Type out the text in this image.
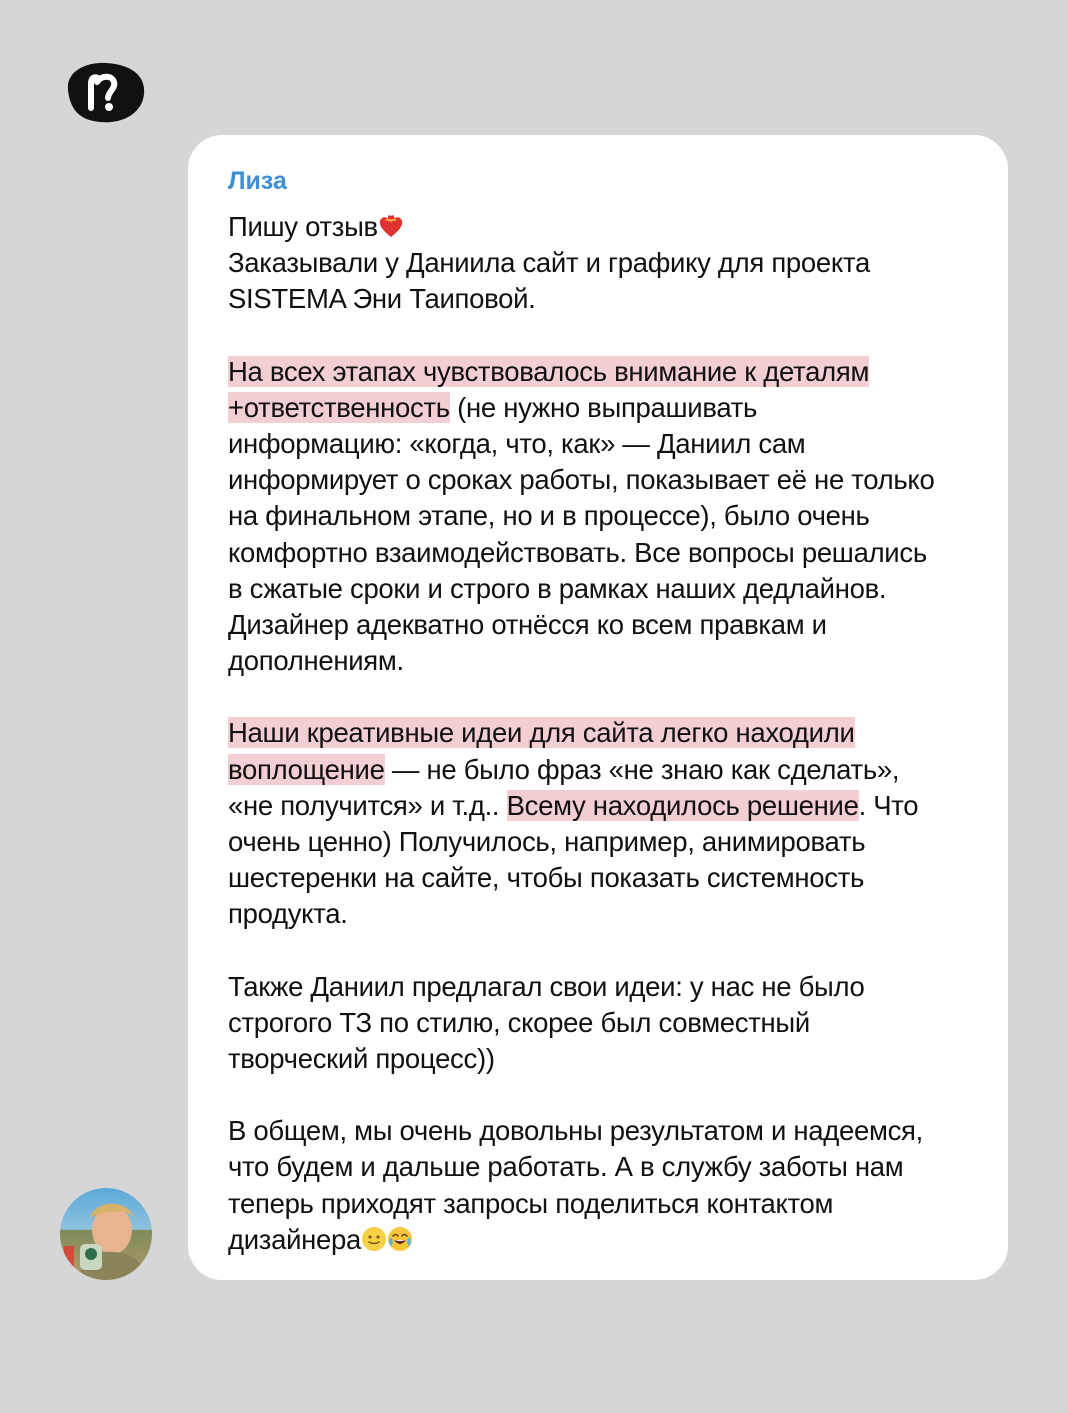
Лиза

Пишу отзыв
Заказывали у Даниила сайт и графику для проекта
SISTEMA Эни Таиповой.

На всех этапах чувствовалось внимание к деталям
+ответственность (не нужно выпрашивать
информацию: «когда, что, как» — Даниил сам
информирует о сроках работы, показывает её не только
на финальном этапе, но и в процессе), было очень
комфортно взаимодействовать. Все вопросы решались
в сжатые сроки и строго в рамках наших дедлайнов.
Дизайнер адекватно отнёсся ко всем правкам и
дополнениям.

Наши креативные идеи для сайта легко находили
воплощение — не было фраз «не знаю как сделать»,
«не получится» и т.д.. Всему находилось решение. Что
очень ценно) Получилось, например, анимировать
шестеренки на сайте, чтобы показать системность
продукта.

Также Даниил предлагал свои идеи: у нас не было
строгого ТЗ по стилю, скорее был совместный
творческий процесс))

В общем, мы очень довольны результатом и надеемся,
что будем и дальше работать. А в службу заботы нам
теперь приходят запросы поделиться контактом
дизайнера
